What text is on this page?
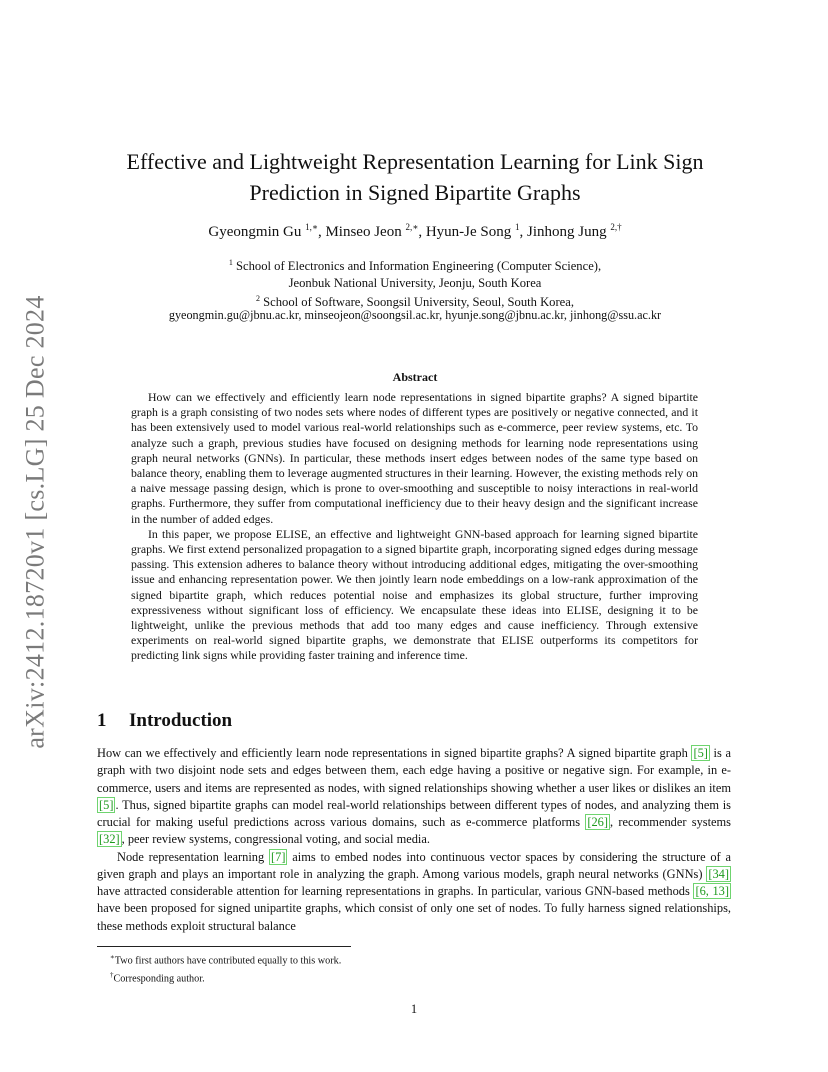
arXiv:2412.18720v1 [cs.LG] 25 Dec 2024
Effective and Lightweight Representation Learning for Link Sign
Prediction in Signed Bipartite Graphs
Gyeongmin Gu $^{1,∗}$, Minseo Jeon $^{2,∗}$, Hyun-Je Song $^1$, Jinhong Jung $^{2,\dagger}$
$^1$ School of Electronics and Information Engineering (Computer Science),
Jeonbuk National University, Jeonju, South Korea
$^2$ School of Software, Soongsil University, Seoul, South Korea,
gyeongmin.gu@jbnu.ac.kr, minseojeon@soongsil.ac.kr, hyunje.song@jbnu.ac.kr, jinhong@ssu.ac.kr
Abstract

How can we effectively and efficiently learn node representations in signed bipartite graphs? A signed bipartite graph is a graph consisting of two nodes sets where nodes of different types are positively or negative connected, and it has been extensively used to model various real-world relationships such as e-commerce, peer review systems, etc. To analyze such a graph, previous studies have focused on designing methods for learning node representations using graph neural networks (GNNs). In particular, these methods insert edges between nodes of the same type based on balance theory, enabling them to leverage augmented structures in their learning. However, the existing methods rely on a naive message passing design, which is prone to over-smoothing and susceptible to noisy interactions in real-world graphs. Furthermore, they suffer from computational inefficiency due to their heavy design and the significant increase in the number of added edges.

In this paper, we propose ELISE, an effective and lightweight GNN-based approach for learning signed bipartite graphs. We first extend personalized propagation to a signed bipartite graph, incorporating signed edges during message passing. This extension adheres to balance theory without introducing additional edges, mitigating the over-smoothing issue and enhancing representation power. We then jointly learn node embeddings on a low-rank approximation of the signed bipartite graph, which reduces potential noise and emphasizes its global structure, further improving expressiveness without significant loss of efficiency. We encapsulate these ideas into ELISE, designing it to be lightweight, unlike the previous methods that add too many edges and cause inefficiency. Through extensive experiments on real-world signed bipartite graphs, we demonstrate that ELISE outperforms its competitors for predicting link signs while providing faster training and inference time.

1 Introduction

How can we effectively and efficiently learn node representations in signed bipartite graphs? A signed bipartite graph [5] is a graph with two disjoint node sets and edges between them, each edge having a positive or negative sign. For example, in e-commerce, users and items are represented as nodes, with signed relationships showing whether a user likes or dislikes an item [5] . Thus, signed bipartite graphs can model real-world relationships between different types of nodes, and analyzing them is crucial for making useful predictions across various domains, such as e-commerce platforms [26] , recommender systems [32] , peer review systems, congressional voting, and social media.

Node representation learning [7] aims to embed nodes into continuous vector spaces by considering the structure of a given graph and plays an important role in analyzing the graph. Among various models, graph neural networks (GNNs) [34] have attracted considerable attention for learning representations in graphs. In particular, various GNN-based methods [6, 13] have been proposed for signed unipartite graphs, which consist of only one set of nodes. To fully harness signed relationships, these methods exploit structural balance

∗Two first authors have contributed equally to this work.
†Corresponding author.
1
